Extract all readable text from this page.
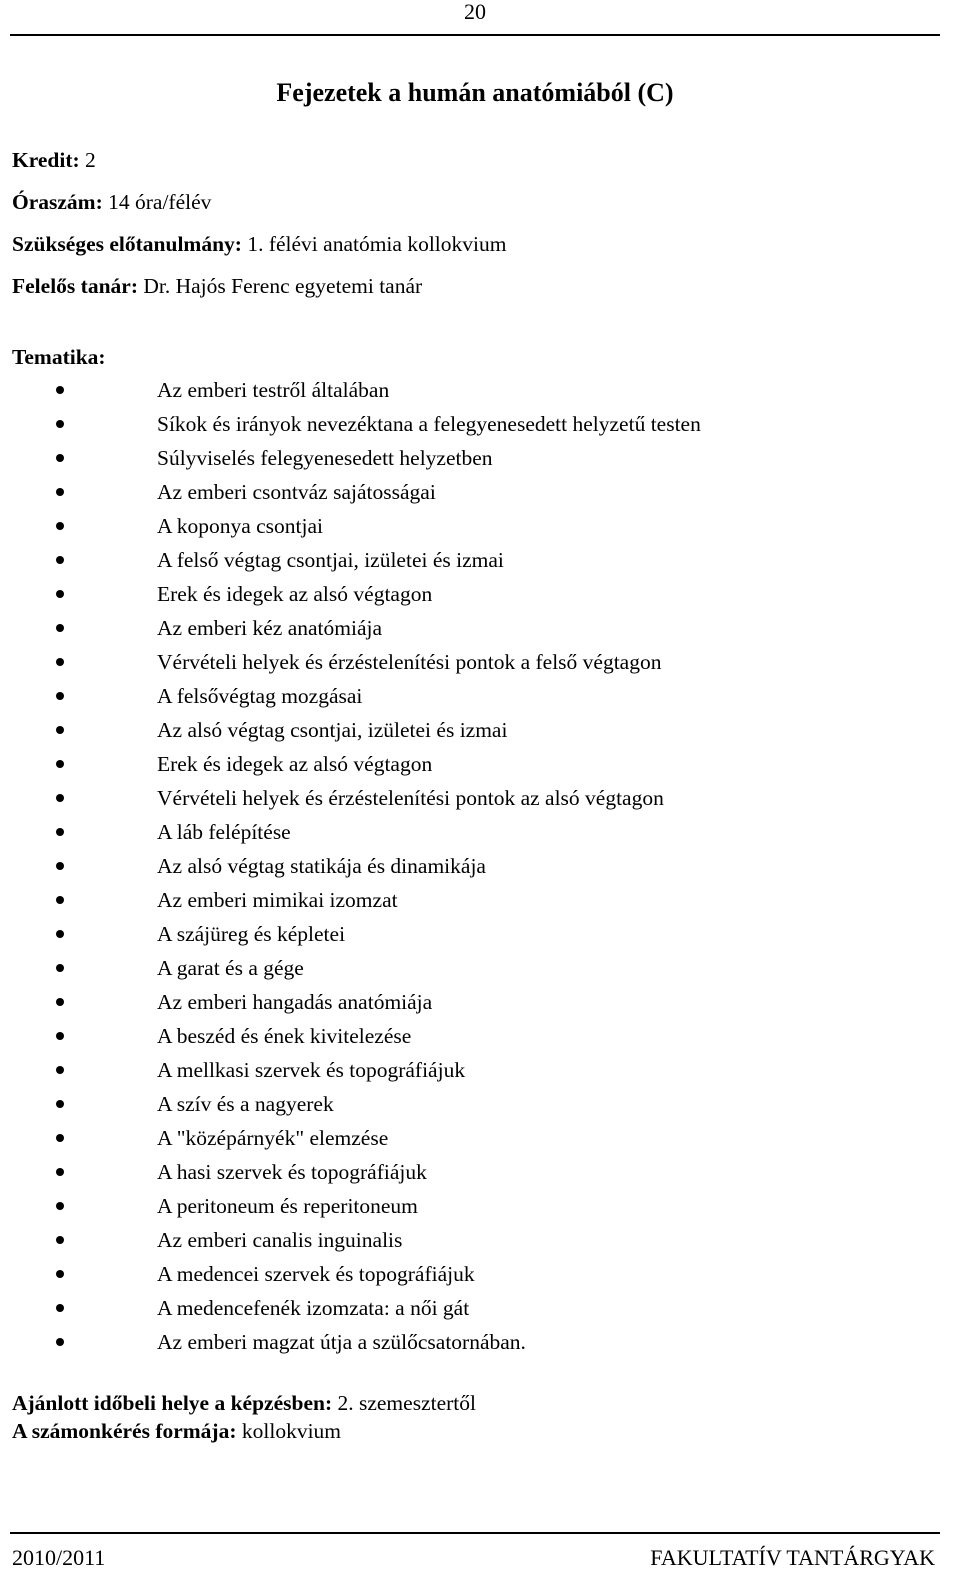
20
Fejezetek a humán anatómiából (C)
Kredit: 2
Óraszám: 14 óra/félév
Szükséges előtanulmány: 1. félévi anatómia kollokvium
Felelős tanár: Dr. Hajós Ferenc egyetemi tanár
Tematika:
Az emberi testről általában
Síkok és irányok nevezéktana a felegyenesedett helyzetű testen
Súlyviselés felegyenesedett helyzetben
Az emberi csontváz sajátosságai
A koponya csontjai
A felső végtag csontjai, izületei és izmai
Erek és idegek az alsó végtagon
Az emberi kéz anatómiája
Vérvételi helyek és érzéstelenítési pontok a felső végtagon
A felsővégtag mozgásai
Az alsó végtag csontjai, izületei és izmai
Erek és idegek az alsó végtagon
Vérvételi helyek és érzéstelenítési pontok az alsó végtagon
A láb felépítése
Az alsó végtag statikája és dinamikája
Az emberi mimikai izomzat
A szájüreg és képletei
A garat és a gége
Az emberi hangadás anatómiája
A beszéd és ének kivitelezése
A mellkasi szervek és topográfiájuk
A szív és a nagyerek
A "középárnyék" elemzése
A hasi szervek és topográfiájuk
A peritoneum és reperitoneum
Az emberi canalis inguinalis
A medencei szervek és topográfiájuk
A medencefenék izomzata: a női gát
Az emberi magzat útja a szülőcsatornában.
Ajánlott időbeli helye a képzésben: 2. szemesztertől
A számonkérés formája: kollokvium
2010/2011	FAKULTATÍV TANTÁRGYAK
